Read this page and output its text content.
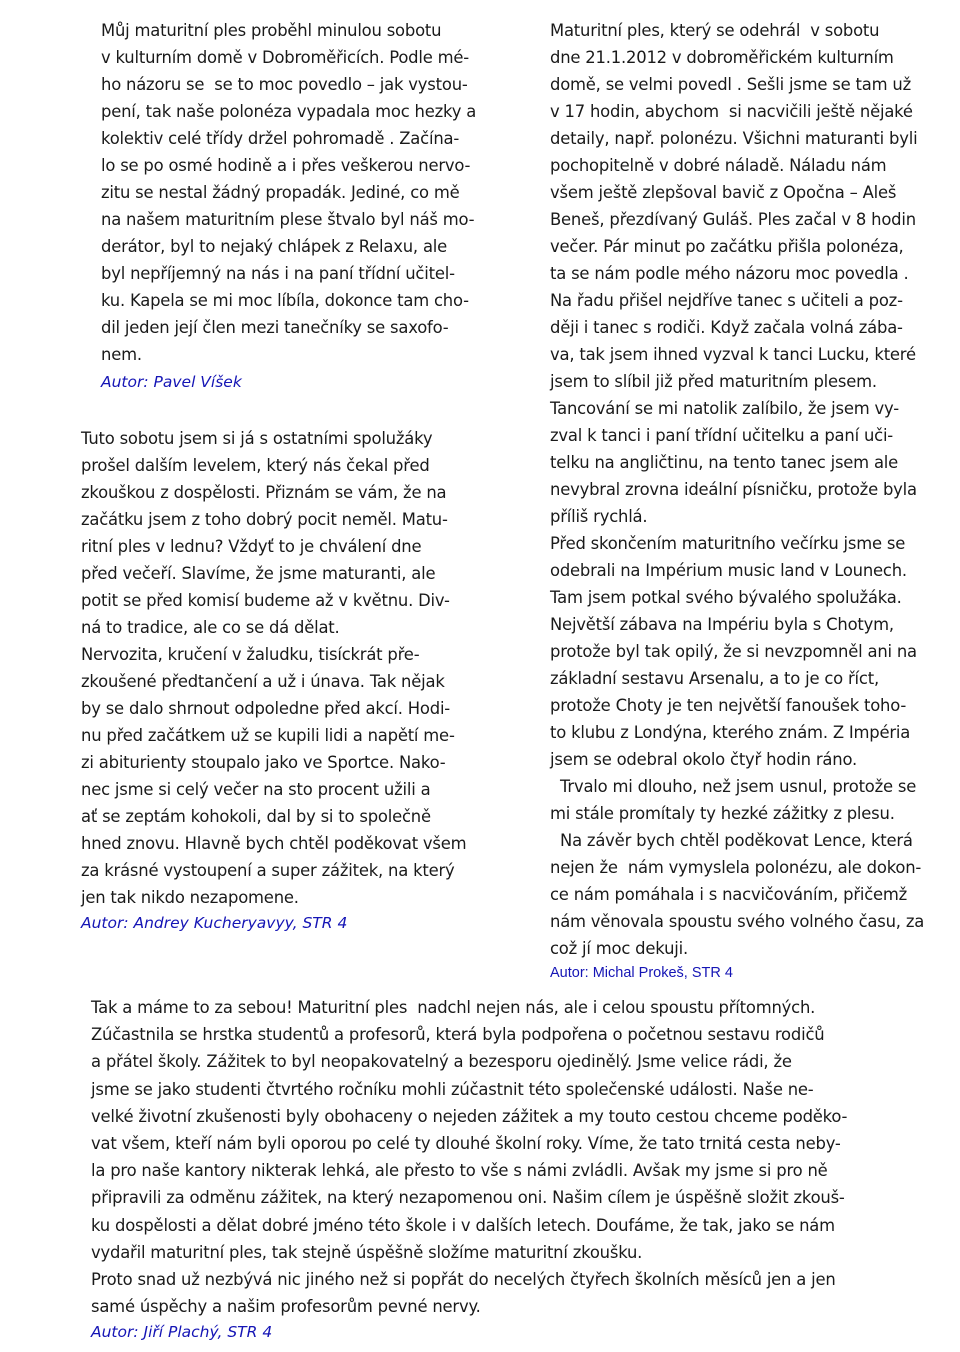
Můj maturitní ples proběhl minulou sobotu
v kulturním domě v Dobroměřicích. Podle mé-
ho názoru se  se to moc povedlo – jak vystou-
pení, tak naše polonéza vypadala moc hezky a
kolektiv celé třídy držel pohromadě . Začína-
lo se po osmé hodině a i přes veškerou nervo-
zitu se nestal žádný propadák. Jediné, co mě
na našem maturitním plese štvalo byl náš mo-
derátor, byl to nejaký chlápek z Relaxu, ale
byl nepříjemný na nás i na paní třídní učitel-
ku. Kapela se mi moc líbíla, dokonce tam cho-
dil jeden její člen mezi tanečníky se saxofo-
nem.
Autor: Pavel Víšek
Tuto sobotu jsem si já s ostatními spolužáky
prošel dalším levelem, který nás čekal před
zkouškou z dospělosti. Přiznám se vám, že na
začátku jsem z toho dobrý pocit neměl. Matu-
ritní ples v lednu? Vždyť to je chválení dne
před večeří. Slavíme, že jsme maturanti, ale
potit se před komisí budeme až v květnu. Div-
ná to tradice, ale co se dá dělat.
Nervozita, kručení v žaludku, tisíckrát pře-
zkoušené předtančení a už i únava. Tak nějak
by se dalo shrnout odpoledne před akcí. Hodi-
nu před začátkem už se kupili lidi a napětí me-
zi abiturienty stoupalo jako ve Sportce. Nako-
nec jsme si celý večer na sto procent užili a
ať se zeptám kohokoli, dal by si to společně
hned znovu. Hlavně bych chtěl poděkovat všem
za krásné vystoupení a super zážitek, na který
jen tak nikdo nezapomene.
Autor: Andrey Kucheryavyy, STR 4
Maturitní ples, který se odehrál  v sobotu
dne 21.1.2012 v dobroměřickém kulturním
domě, se velmi povedl . Sešli jsme se tam už
v 17 hodin, abychom  si nacvičili ještě nějaké
detaily, např. polonézu. Všichni maturanti byli
pochopitelně v dobré náladě. Náladu nám
všem ještě zlepšoval bavič z Opočna – Aleš
Beneš, přezdívaný Guláš. Ples začal v 8 hodin
večer. Pár minut po začátku přišla polonéza,
ta se nám podle mého názoru moc povedla .
Na řadu přišel nejdříve tanec s učiteli a poz-
ději i tanec s rodiči. Když začala volná zába-
va, tak jsem ihned vyzval k tanci Lucku, které
jsem to slíbil již před maturitním plesem.
Tancování se mi natolik zalíbilo, že jsem vy-
zval k tanci i paní třídní učitelku a paní uči-
telku na angličtinu, na tento tanec jsem ale
nevybral zrovna ideální písničku, protože byla
příliš rychlá.
Před skončením maturitního večírku jsme se
odebrali na Impérium music land v Lounech.
Tam jsem potkal svého bývalého spolužáka.
Největší zábava na Impériu byla s Chotym,
protože byl tak opilý, že si nevzpomněl ani na
základní sestavu Arsenalu, a to je co říct,
protože Choty je ten největší fanoušek toho-
to klubu z Londýna, kterého znám. Z Impéria
jsem se odebral okolo čtyř hodin ráno.
Trvalo mi dlouho, než jsem usnul, protože se
mi stále promítaly ty hezké zážitky z plesu.
Na závěr bych chtěl poděkovat Lence, která
nejen že  nám vymyslela polonézu, ale dokon-
ce nám pomáhala i s nacvičováním, přičemž
nám věnovala spoustu svého volného času, za
což jí moc dekuji.
Autor: Michal Prokeš, STR 4
Tak a máme to za sebou! Maturitní ples  nadchl nejen nás, ale i celou spoustu přítomných.
Zúčastnila se hrstka studentů a profesorů, která byla podpořena o početnou sestavu rodičů
a přátel školy. Zážitek to byl neopakovatelný a bezesporu ojedinělý. Jsme velice rádi, že
jsme se jako studenti čtvrtého ročníku mohli zúčastnit této společenské události. Naše ne-
velké životní zkušenosti byly obohaceny o nejeden zážitek a my touto cestou chceme poděko-
vat všem, kteří nám byli oporou po celé ty dlouhé školní roky. Víme, že tato trnitá cesta neby-
la pro naše kantory nikterak lehká, ale přesto to vše s námi zvládli. Avšak my jsme si pro ně
připravili za odměnu zážitek, na který nezapomenou oni. Našim cílem je úspěšně složit zkouš-
ku dospělosti a dělat dobré jméno této škole i v dalších letech. Doufáme, že tak, jako se nám
vydařil maturitní ples, tak stejně úspěšně složíme maturitní zkoušku.
Proto snad už nezbývá nic jiného než si popřát do necelých čtyřech školních měsíců jen a jen
samé úspěchy a našim profesorům pevné nervy.
Autor: Jiří Plachý, STR 4
